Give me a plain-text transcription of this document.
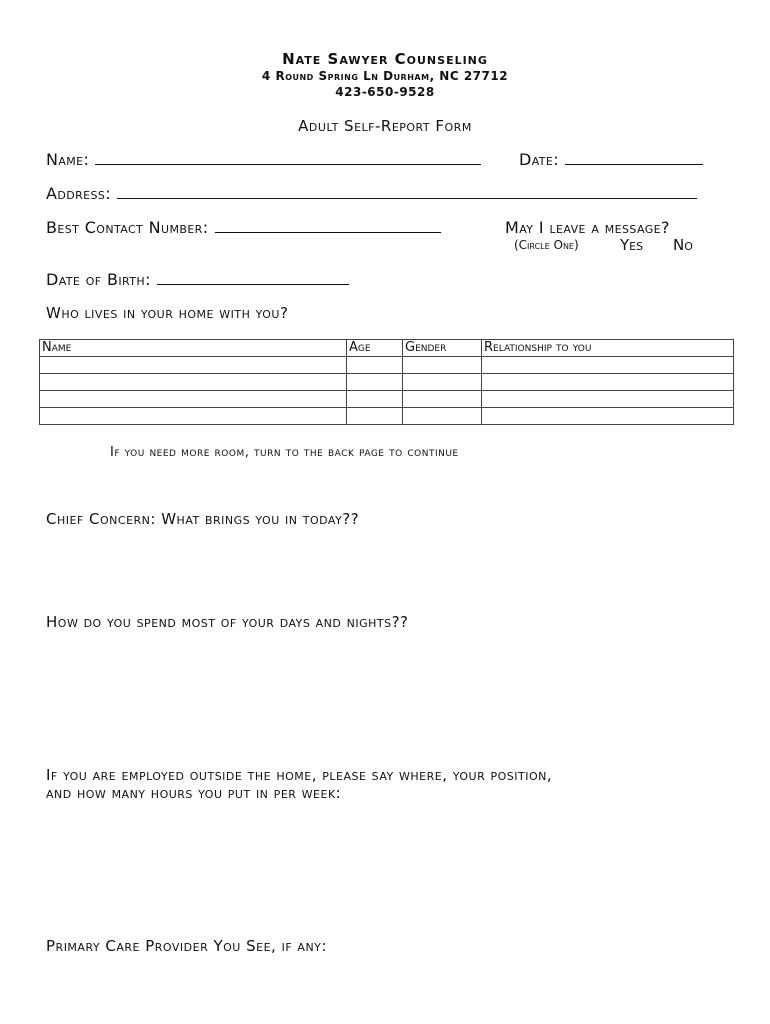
Nate Sawyer Counseling
4 Round Spring Ln Durham, NC 27712
423-650-9528
Adult Self-Report Form
Name:	Date:
Address:
Best Contact Number:	May I leave a message?
(Circle One)	Yes No
Date of Birth:
Who lives in your home with you?
Name	Age	Gender	Relationship to you

If you need more room, turn to the back page to continue
Chief Concern: What brings you in today??
How do you spend most of your days and nights??
If you are employed outside the home, please say where, your position,
and how many hours you put in per week:
Primary Care Provider You See, if any:
